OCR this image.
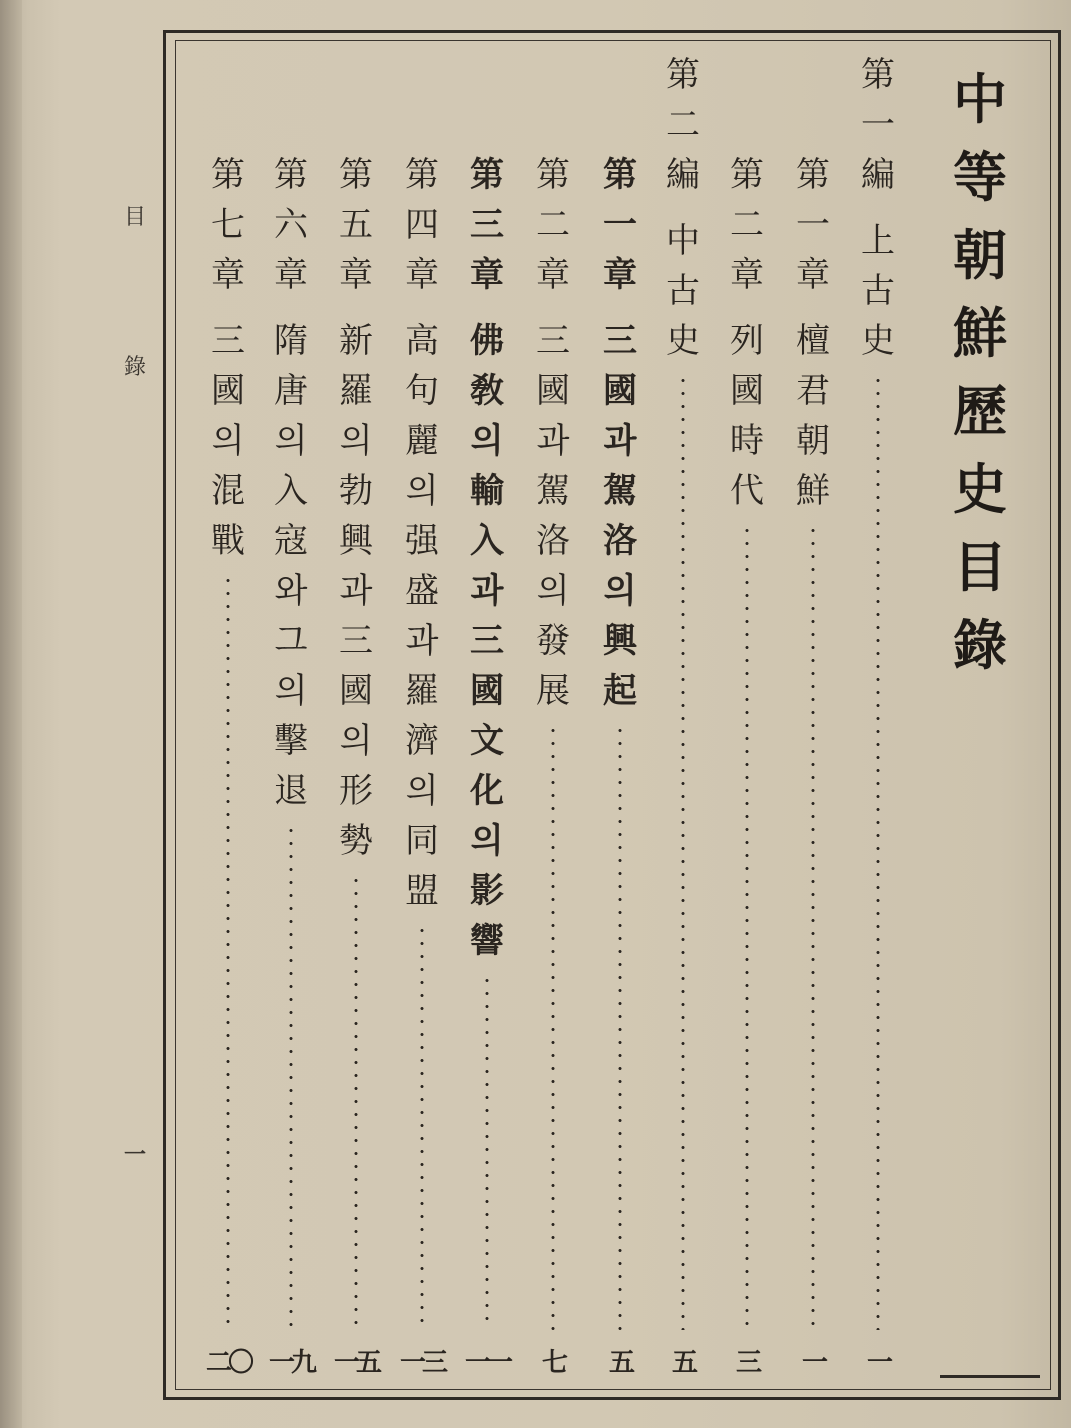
目
錄
一
中
等
朝
鮮
歷
史
目
錄
第
一
編
上
古
史
一
第
一
章
檀
君
朝
鮮
一
第
二
章
列
國
時
代
三
第
二
編
中
古
史
五
第
一
章
三
國
과
駕
洛
의
興
起
五
第
二
章
三
國
과
駕
洛
의
發
展
七
第
三
章
佛
敎
의
輸
入
과
三
國
文
化
의
影
響
一一
第
四
章
高
句
麗
의
强
盛
과
羅
濟
의
同
盟
一三
第
五
章
新
羅
의
勃
興
과
三
國
의
形
勢
一五
第
六
章
隋
唐
의
入
寇
와
그
의
擊
退
一九
第
七
章
三
國
의
混
戰
二〇
